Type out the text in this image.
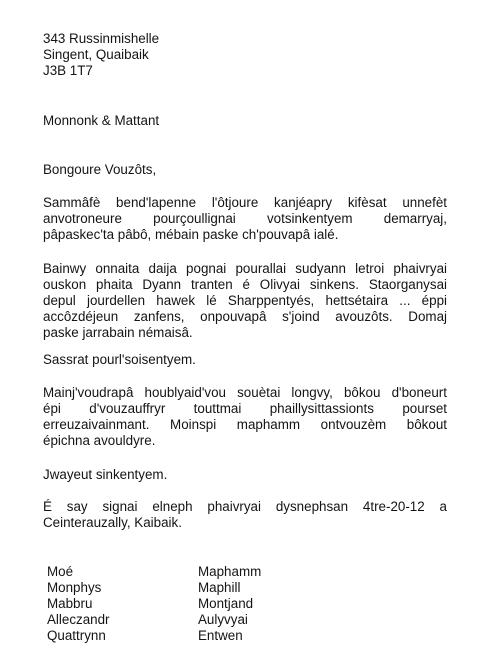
343 Russinmishelle
Singent, Quaibaik
J3B 1T7
Monnonk & Mattant
Bongoure Vouzôts,
Sammâfè bend'lapenne l'ôtjoure kanjéapry kifèsat unnefèt
anvotroneure pourçoullignai votsinkentyem demarryaj,
pâpaskec'ta pâbô, mébain paske ch'pouvapâ ialé.
Bainwy onnaita daija pognai pourallai sudyann letroi phaivryai
ouskon phaita Dyann tranten é Olivyai sinkens. Staorganysai
depul jourdellen hawek lé Sharppentyés, hettsétaira ... éppi
accôzdéjeun zanfens, onpouvapâ s'joind avouzôts. Domaj
paske jarrabain némaisâ.
Sassrat pourl'soisentyem.
Mainj'voudrapâ houblyaid'vou souètai longvy, bôkou d'boneurt
épi d'vouzauffryr touttmai phaillysittassionts pourset
erreuzaivainmant. Moinspi maphamm ontvouzèm bôkout
épichna avouldyre.
Jwayeut sinkentyem.
É say signai elneph phaivryai dysnephsan 4tre-20-12 a
Ceinterauzally, Kaibaik.
Moé	Maphamm
Monphys	Maphill
Mabbru	Montjand
Alleczandr	Aulyvyai
Quattrynn	Entwen
